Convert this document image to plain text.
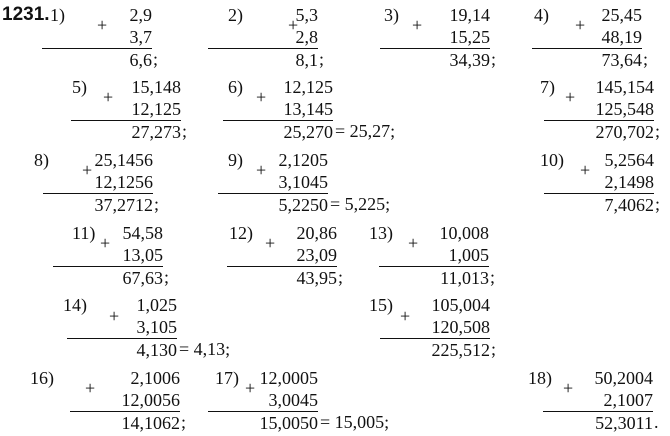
1231. 1) +	2,9
3,7
6,6 ;
2)	+
5,3
2,8
8,1 ;
3) +	19,14
15,25
34,39 ;
4) + 25,45
48,19
73,64 ;
5) +	15,148
12,125
27,273 ;
6) + 12,125
13,145
25,270 = 25,27;
7) +	145,154
125,548
270,702 ;
8) + 25,1456
12,1256
37,2712 ;
9) + 2,1205
3,1045
5,2250 = 5,225;
10) + 5,2564
2,1498
7,4062 ;
11) + 54,58
13,05
67,63 ;
12) +	20,86
23,09
43,95 ;
13) +	10,008
1,005
11,013 ;
14)
+
1,025
3,105
4,130 = 4,13;
15)
+
105,004
120,508
225,512 ;
16) +	2,1006
12,0056
14,1062 ;
17) + 12,0005
3,0045
15,0050 = 15,005;
18) +	50,2004
2,1007
52,3011 .
